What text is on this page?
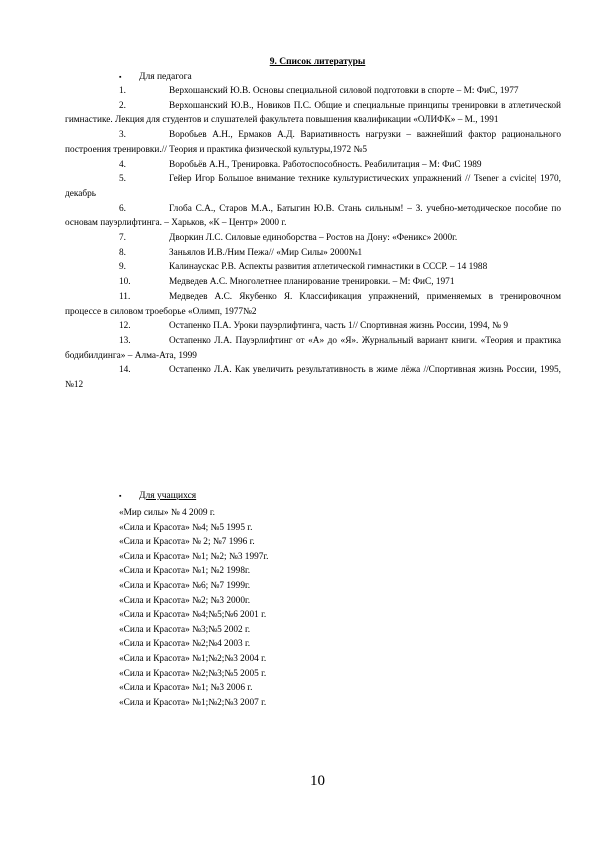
9. Список литературы
▪ Для педагога
1.	Верхошанский Ю.В. Основы специальной силовой подготовки в спорте – М: ФиС, 1977
2.	Верхошанский Ю.В., Новиков П.С. Общие и специальные принципы тренировки в атлетической гимнастике. Лекция для студентов и слушателей факультета повышения квалификации «ОЛИФК» – М., 1991
3.	Воробьев А.Н., Ермаков А.Д. Вариативность нагрузки – важнейший фактор рационального построения тренировки.// Теория и практика физической культуры,1972 №5
4.	Воробьёв А.Н., Тренировка. Работоспособность. Реабилитация – М: ФиС 1989
5.	Гейер Игор Большое внимание технике культуристических упражнений // Tsener a cvicite| 1970, декабрь
6.	Глоба С.А., Старов М.А., Батыгин Ю.В. Стань сильным! – З. учебно-методическое пособие по основам пауэрлифтинга. – Харьков, «К – Центр» 2000 г.
7.	Дворкин Л.С. Силовые единоборства – Ростов на Дону: «Феникс» 2000г.
8.	Заньялов И.В./Ним Пежа// «Мир Силы» 2000№1
9.	Калинаускас Р.В. Аспекты развития атлетической гимнастики в СССР. – 14 1988
10.	Медведев А.С. Многолетнее планирование тренировки. – М: ФиС, 1971
11.	Медведев А.С. Якубенко Я. Классификация упражнений, применяемых в тренировочном процессе в силовом троеборье «Олимп, 1977№2
12.	Остапенко П.А. Уроки пауэрлифтинга, часть 1// Спортивная жизнь России, 1994, № 9
13.	Остапенко Л.А. Пауэрлифтинг от «А» до «Я». Журнальный вариант книги. «Теория и практика бодибилдинга» – Алма-Ата, 1999
14.	Остапенко Л.А. Как увеличить результативность в жиме лёжа //Спортивная жизнь России, 1995, №12
▪ Для учащихся
«Мир силы» № 4 2009 г.
«Сила и Красота» №4; №5 1995 г.
«Сила и Красота» № 2; №7 1996 г.
«Сила и Красота» №1; №2; №3 1997г.
«Сила и Красота» №1; №2 1998г.
«Сила и Красота» №6; №7 1999г.
«Сила и Красота» №2; №3 2000г.
«Сила и Красота» №4;№5;№6 2001 г.
«Сила и Красота» №3;№5 2002 г.
«Сила и Красота» №2;№4 2003 г.
«Сила и Красота» №1;№2;№3 2004 г.
«Сила и Красота» №2;№3;№5 2005 г.
«Сила и Красота» №1; №3 2006 г.
«Сила и Красота» №1;№2;№3 2007 г.
10
